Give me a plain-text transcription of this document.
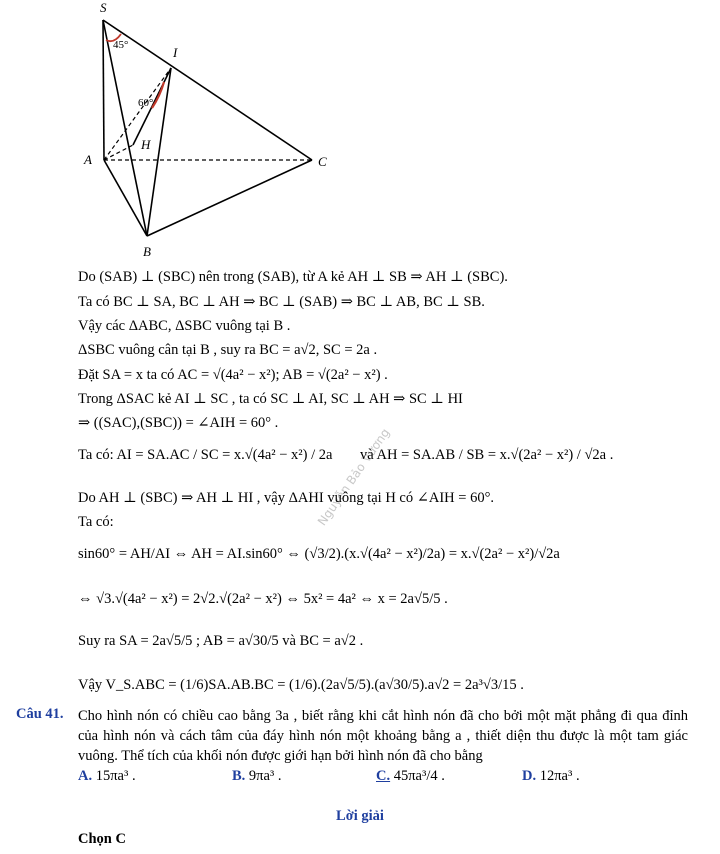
S
I
A
H
C
B
45°
60°
Nguyễn Bảo Vương
Do (SAB) ⊥ (SBC) nên trong (SAB), từ A kẻ AH ⊥ SB ⇒ AH ⊥ (SBC).
Ta có BC ⊥ SA, BC ⊥ AH ⇒ BC ⊥ (SAB) ⇒ BC ⊥ AB, BC ⊥ SB.
Vậy các ΔABC, ΔSBC vuông tại B .
ΔSBC vuông cân tại B , suy ra BC = a√2, SC = 2a .
Đặt SA = x ta có AC = √(4a² − x²); AB = √(2a² − x²) .
Trong ΔSAC kẻ AI ⊥ SC , ta có SC ⊥ AI, SC ⊥ AH ⇒ SC ⊥ HI
⇒ ((SAC),(SBC)) = ∠AIH = 60° .
Ta có: AI = SA.AC / SC = x.√(4a² − x²) / 2a và AH = SA.AB / SB = x.√(2a² − x²) / √2a .
Do AH ⊥ (SBC) ⇒ AH ⊥ HI , vậy ΔAHI vuông tại H có ∠AIH = 60°.
Ta có:
sin60° = AH/AI ⇔ AH = AI.sin60° ⇔ (√3/2).(x.√(4a² − x²)/2a) = x.√(2a² − x²)/√2a
⇔ √3.√(4a² − x²) = 2√2.√(2a² − x²) ⇔ 5x² = 4a² ⇔ x = 2a√5/5 .
Suy ra SA = 2a√5/5 ; AB = a√30/5 và BC = a√2 .
Vậy V_S.ABC = (1/6)SA.AB.BC = (1/6).(2a√5/5).(a√30/5).a√2 = 2a³√3/15 .
Câu 41. Cho hình nón có chiều cao bằng 3a , biết rằng khi cắt hình nón đã cho bởi một mặt phẳng đi qua đỉnh của hình nón và cách tâm của đáy hình nón một khoảng bằng a , thiết diện thu được là một tam giác vuông. Thể tích của khối nón được giới hạn bởi hình nón đã cho bằng
A. 15πa³ .	B. 9πa³ .	C. 45πa³/4 .	D. 12πa³ .
Lời giải
Chọn C
